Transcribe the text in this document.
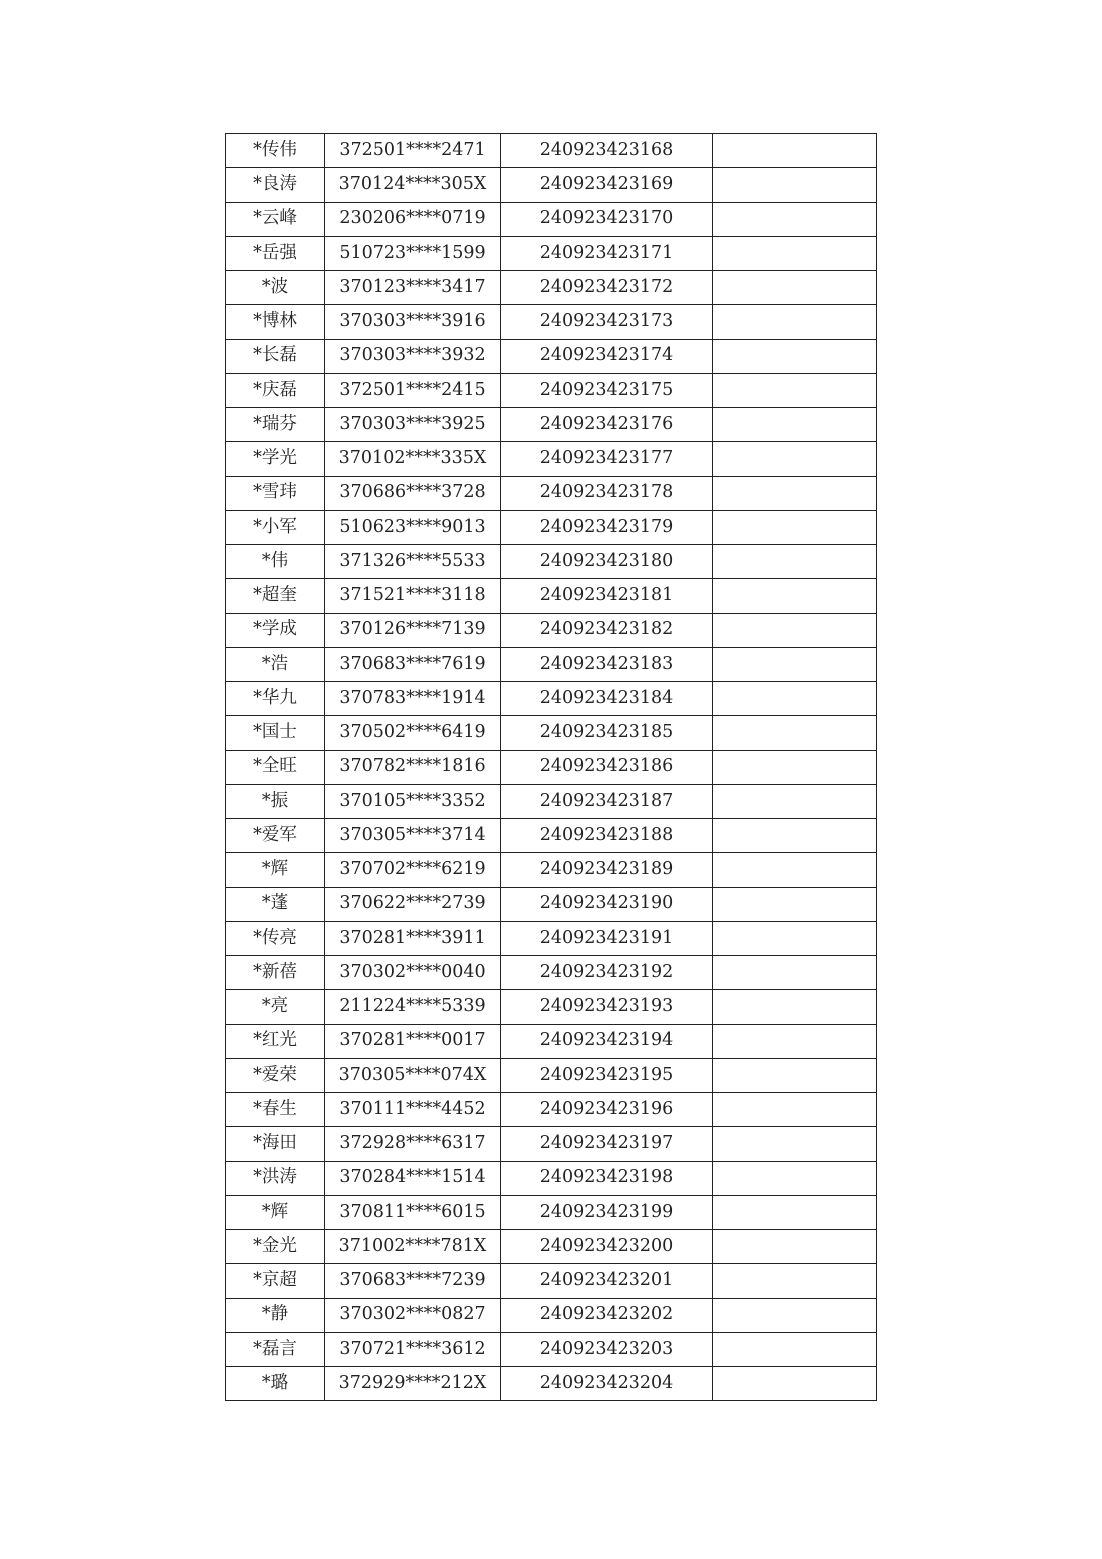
*传伟	372501****2471	240923423168	
*良涛	370124****305X	240923423169	
*云峰	230206****0719	240923423170	
*岳强	510723****1599	240923423171	
*波	370123****3417	240923423172	
*博林	370303****3916	240923423173	
*长磊	370303****3932	240923423174	
*庆磊	372501****2415	240923423175	
*瑞芬	370303****3925	240923423176	
*学光	370102****335X	240923423177	
*雪玮	370686****3728	240923423178	
*小军	510623****9013	240923423179	
*伟	371326****5533	240923423180	
*超奎	371521****3118	240923423181	
*学成	370126****7139	240923423182	
*浩	370683****7619	240923423183	
*华九	370783****1914	240923423184	
*国士	370502****6419	240923423185	
*全旺	370782****1816	240923423186	
*振	370105****3352	240923423187	
*爱军	370305****3714	240923423188	
*辉	370702****6219	240923423189	
*蓬	370622****2739	240923423190	
*传亮	370281****3911	240923423191	
*新蓓	370302****0040	240923423192	
*亮	211224****5339	240923423193	
*红光	370281****0017	240923423194	
*爱荣	370305****074X	240923423195	
*春生	370111****4452	240923423196	
*海田	372928****6317	240923423197	
*洪涛	370284****1514	240923423198	
*辉	370811****6015	240923423199	
*金光	371002****781X	240923423200	
*京超	370683****7239	240923423201	
*静	370302****0827	240923423202	
*磊言	370721****3612	240923423203	
*璐	372929****212X	240923423204	
